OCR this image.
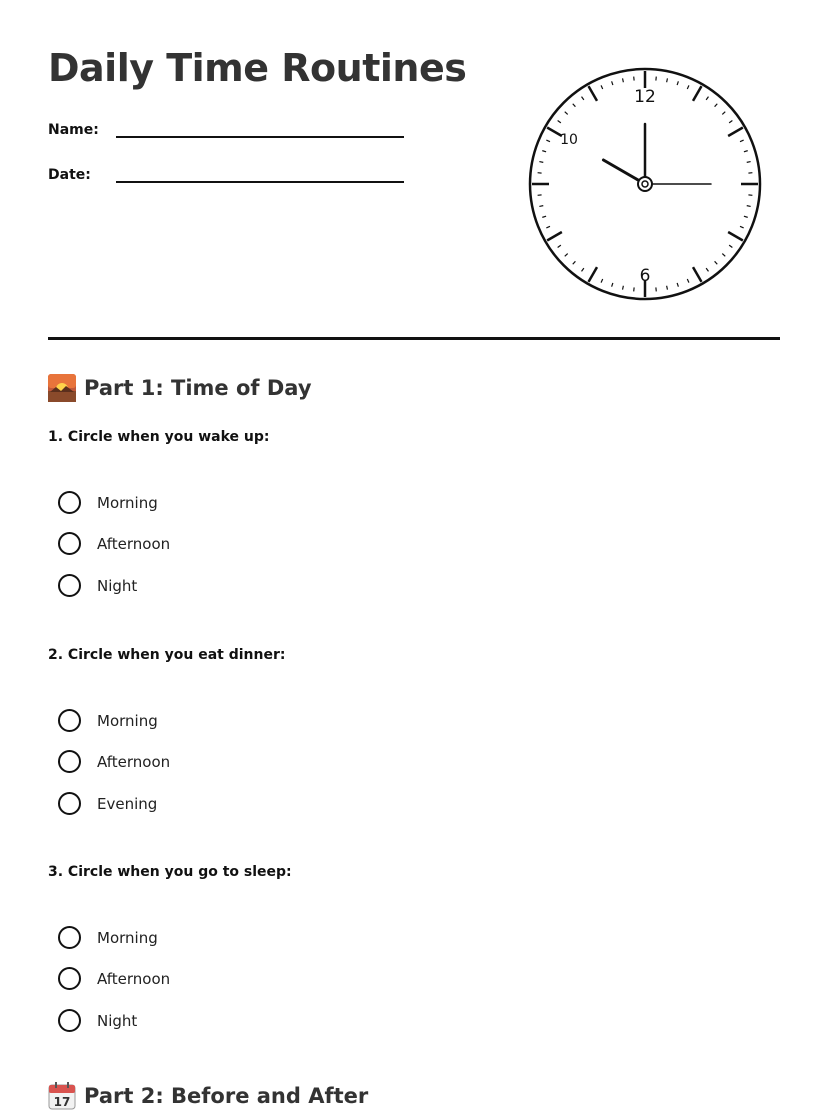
Daily Time Routines
Name:
Date:
12
6
10
Part 1: Time of Day
1. Circle when you wake up:
Morning
Afternoon
Night
2. Circle when you eat dinner:
Morning
Afternoon
Evening
3. Circle when you go to sleep:
Morning
Afternoon
Night
17 Part 2: Before and After
